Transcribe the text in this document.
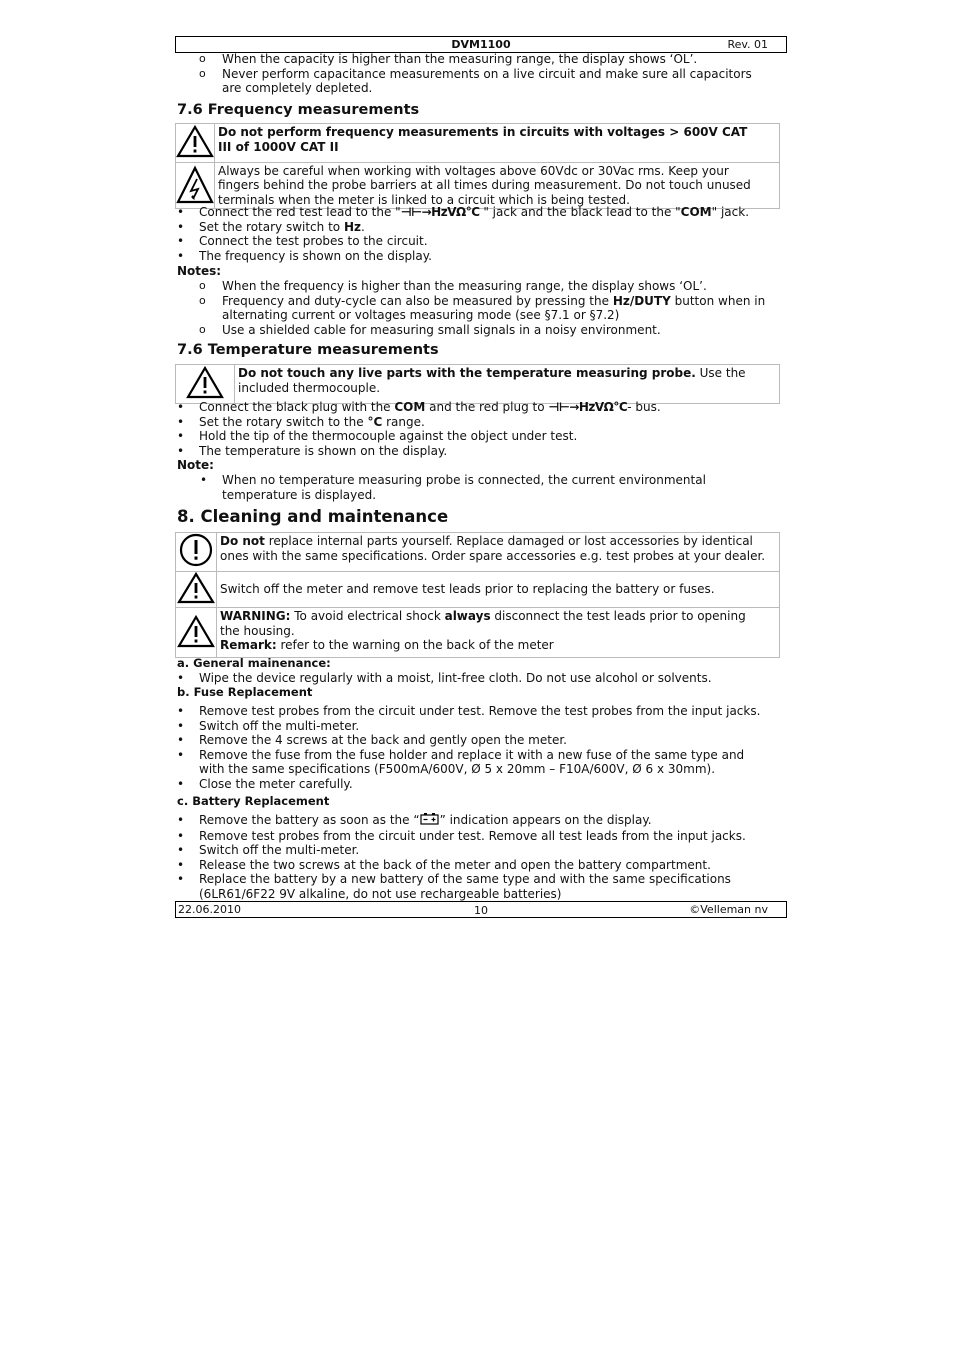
DVM1100	Rev. 01
o When the capacity is higher than the measuring range, the display shows ‘OL’.
o Never perform capacitance measurements on a live circuit and make sure all capacitors
are completely depleted.
7.6 Frequency measurements
	Do not perform frequency measurements in circuits with voltages > 600V CAT
III of 1000V CAT II
	Always be careful when working with voltages above 60Vdc or 30Vac rms. Keep your
fingers behind the probe barriers at all times during measurement. Do not touch unused
terminals when the meter is linked to a circuit which is being tested.
• Connect the red test lead to the "⊣⊢→HzVΩ°C " jack and the black lead to the "COM" jack.
• Set the rotary switch to Hz.
• Connect the test probes to the circuit.
• The frequency is shown on the display.
Notes:
o When the frequency is higher than the measuring range, the display shows ‘OL’.
o Frequency and duty-cycle can also be measured by pressing the Hz/DUTY button when in
alternating current or voltages measuring mode (see §7.1 or §7.2)
o Use a shielded cable for measuring small signals in a noisy environment.
7.6 Temperature measurements
	Do not touch any live parts with the temperature measuring probe. Use the
included thermocouple.
• Connect the black plug with the COM and the red plug to ⊣⊢→HzVΩ°C- bus.
• Set the rotary switch to the °C range.
• Hold the tip of the thermocouple against the object under test.
• The temperature is shown on the display.
Note:
• When no temperature measuring probe is connected, the current environmental
temperature is displayed.
8. Cleaning and maintenance
	Do not replace internal parts yourself. Replace damaged or lost accessories by identical
ones with the same specifications. Order spare accessories e.g. test probes at your dealer.
	Switch off the meter and remove test leads prior to replacing the battery or fuses.
	WARNING: To avoid electrical shock always disconnect the test leads prior to opening
the housing.
Remark: refer to the warning on the back of the meter
a. General mainenance:
• Wipe the device regularly with a moist, lint-free cloth. Do not use alcohol or solvents.
b. Fuse Replacement
• Remove test probes from the circuit under test. Remove the test probes from the input jacks.
• Switch off the multi-meter.
• Remove the 4 screws at the back and gently open the meter.
• Remove the fuse from the fuse holder and replace it with a new fuse of the same type and
with the same specifications (F500mA/600V, Ø 5 x 20mm – F10A/600V, Ø 6 x 30mm).
• Close the meter carefully.
c. Battery Replacement
• Remove the battery as soon as the “ ” indication appears on the display.
• Remove test probes from the circuit under test. Remove all test leads from the input jacks.
• Switch off the multi-meter.
• Release the two screws at the back of the meter and open the battery compartment.
• Replace the battery by a new battery of the same type and with the same specifications
(6LR61/6F22 9V alkaline, do not use rechargeable batteries)
22.06.2010	10	©Velleman nv
